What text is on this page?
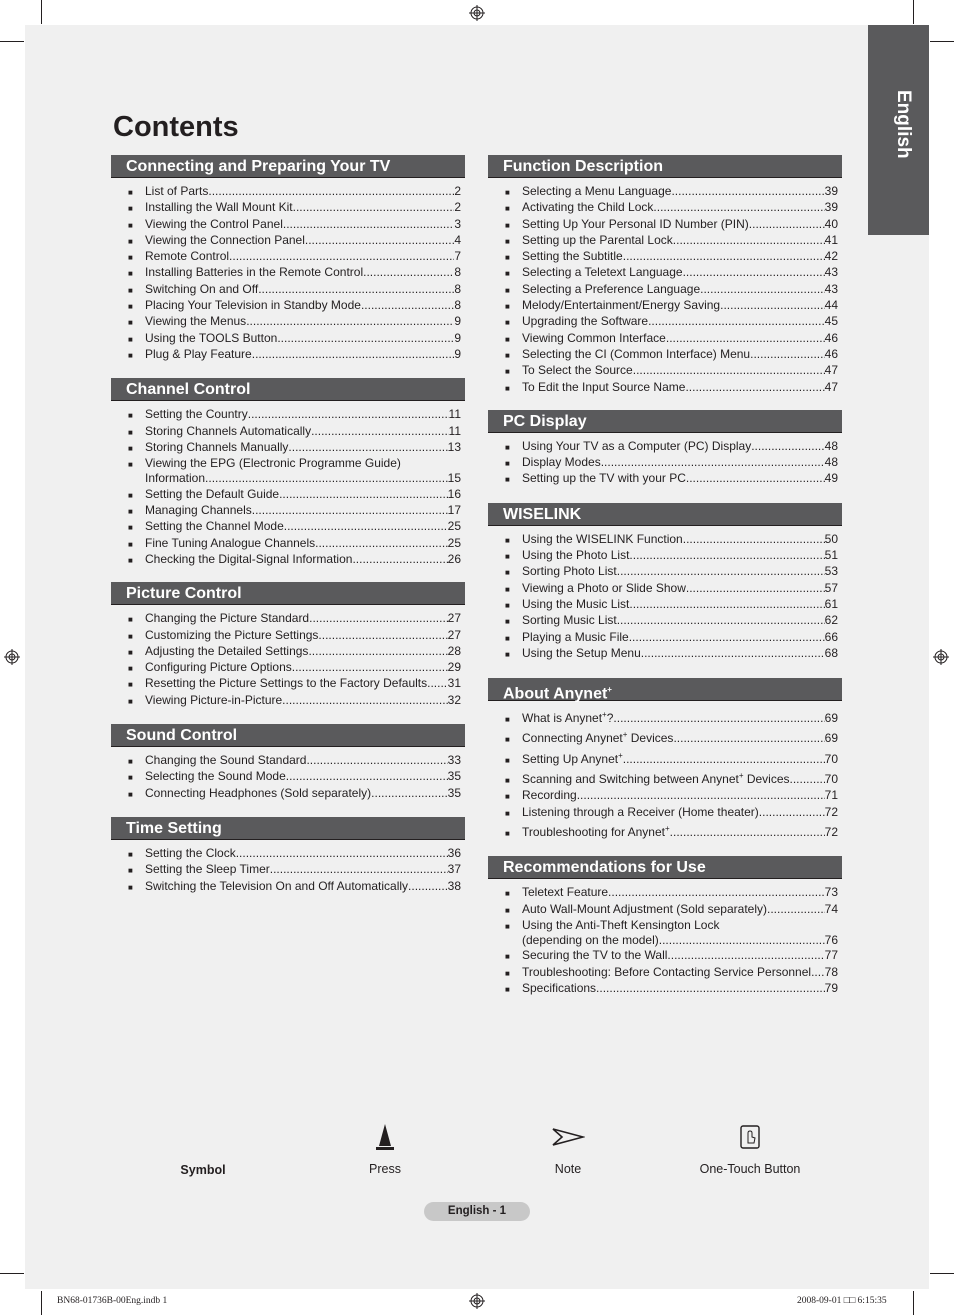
English
Contents
Connecting and Preparing Your TV
■	List of Parts .....	2
■	Installing the Wall Mount Kit .....	2
■	Viewing the Control Panel .....	3
■	Viewing the Connection Panel .....	4
■	Remote Control .....	7
■	Installing Batteries in the Remote Control .....	8
■	Switching On and Off .....	8
■	Placing Your Television in Standby Mode .....	8
■	Viewing the Menus .....	9
■	Using the TOOLS Button .....	9
■	Plug & Play Feature .....	9
Channel Control
■	Setting the Country .....	11
■	Storing Channels Automatically .....	11
■	Storing Channels Manually .....	13
■	Viewing the EPG (Electronic Programme Guide)
Information .....	15
■	Setting the Default Guide .....	16
■	Managing Channels .....	17
■	Setting the Channel Mode .....	25
■	Fine Tuning Analogue Channels .....	25
■	Checking the Digital-Signal Information .....	26
Picture Control
■	Changing the Picture Standard .....	27
■	Customizing the Picture Settings .....	27
■	Adjusting the Detailed Settings .....	28
■	Configuring Picture Options .....	29
■	Resetting the Picture Settings to the Factory Defaults ..... 31
■	Viewing Picture-in-Picture .....	32
Sound Control
■	Changing the Sound Standard .....	33
■	Selecting the Sound Mode .....	35
■	Connecting Headphones (Sold separately) .....	35
Time Setting
■	Setting the Clock .....	36
■	Setting the Sleep Timer .....	37
■	Switching the Television On and Off Automatically .....	38
Function Description
■	Selecting a Menu Language .....	39
■	Activating the Child Lock .....	39
■	Setting Up Your Personal ID Number (PIN) .....	40
■	Setting up the Parental Lock .....	41
■	Setting the Subtitle .....	42
■	Selecting a Teletext Language .....	43
■	Selecting a Preference Language .....	43
■	Melody/Entertainment/Energy Saving .....	44
■	Upgrading the Software .....	45
■	Viewing Common Interface .....	46
■	Selecting the CI (Common Interface) Menu .....	46
■	To Select the Source .....	47
■	To Edit the Input Source Name .....	47
PC Display
■	Using Your TV as a Computer (PC) Display .....	48
■	Display Modes .....	48
■	Setting up the TV with your PC .....	49
WISELINK
■	Using the WISELINK Function .....	50
■	Using the Photo List .....	51
■	Sorting Photo List .....	53
■	Viewing a Photo or Slide Show .....	57
■	Using the Music List .....	61
■	Sorting Music List .....	62
■	Playing a Music File .....	66
■	Using the Setup Menu .....	68
About Anynet+
■	What is Anynet+? .....	69
■	Connecting Anynet+ Devices .....	69
■	Setting Up Anynet+ .....	70
■	Scanning and Switching between Anynet+ Devices .....	70
■	Recording .....	71
■	Listening through a Receiver (Home theater) .....	72
■	Troubleshooting for Anynet+ .....	72
Recommendations for Use
■	Teletext Feature .....	73
■	Auto Wall-Mount Adjustment (Sold separately) .....	74
■	Using the Anti-Theft Kensington Lock
(depending on the model) .....	76
■	Securing the TV to the Wall .....	77
■	Troubleshooting: Before Contacting Service Personnel ..... 78
■	Specifications .....	79
Symbol	Press	Note	One-Touch Button
English - 1
BN68-01736B-00Eng.indb 1	2008-09-01 □□ 6:15:35
